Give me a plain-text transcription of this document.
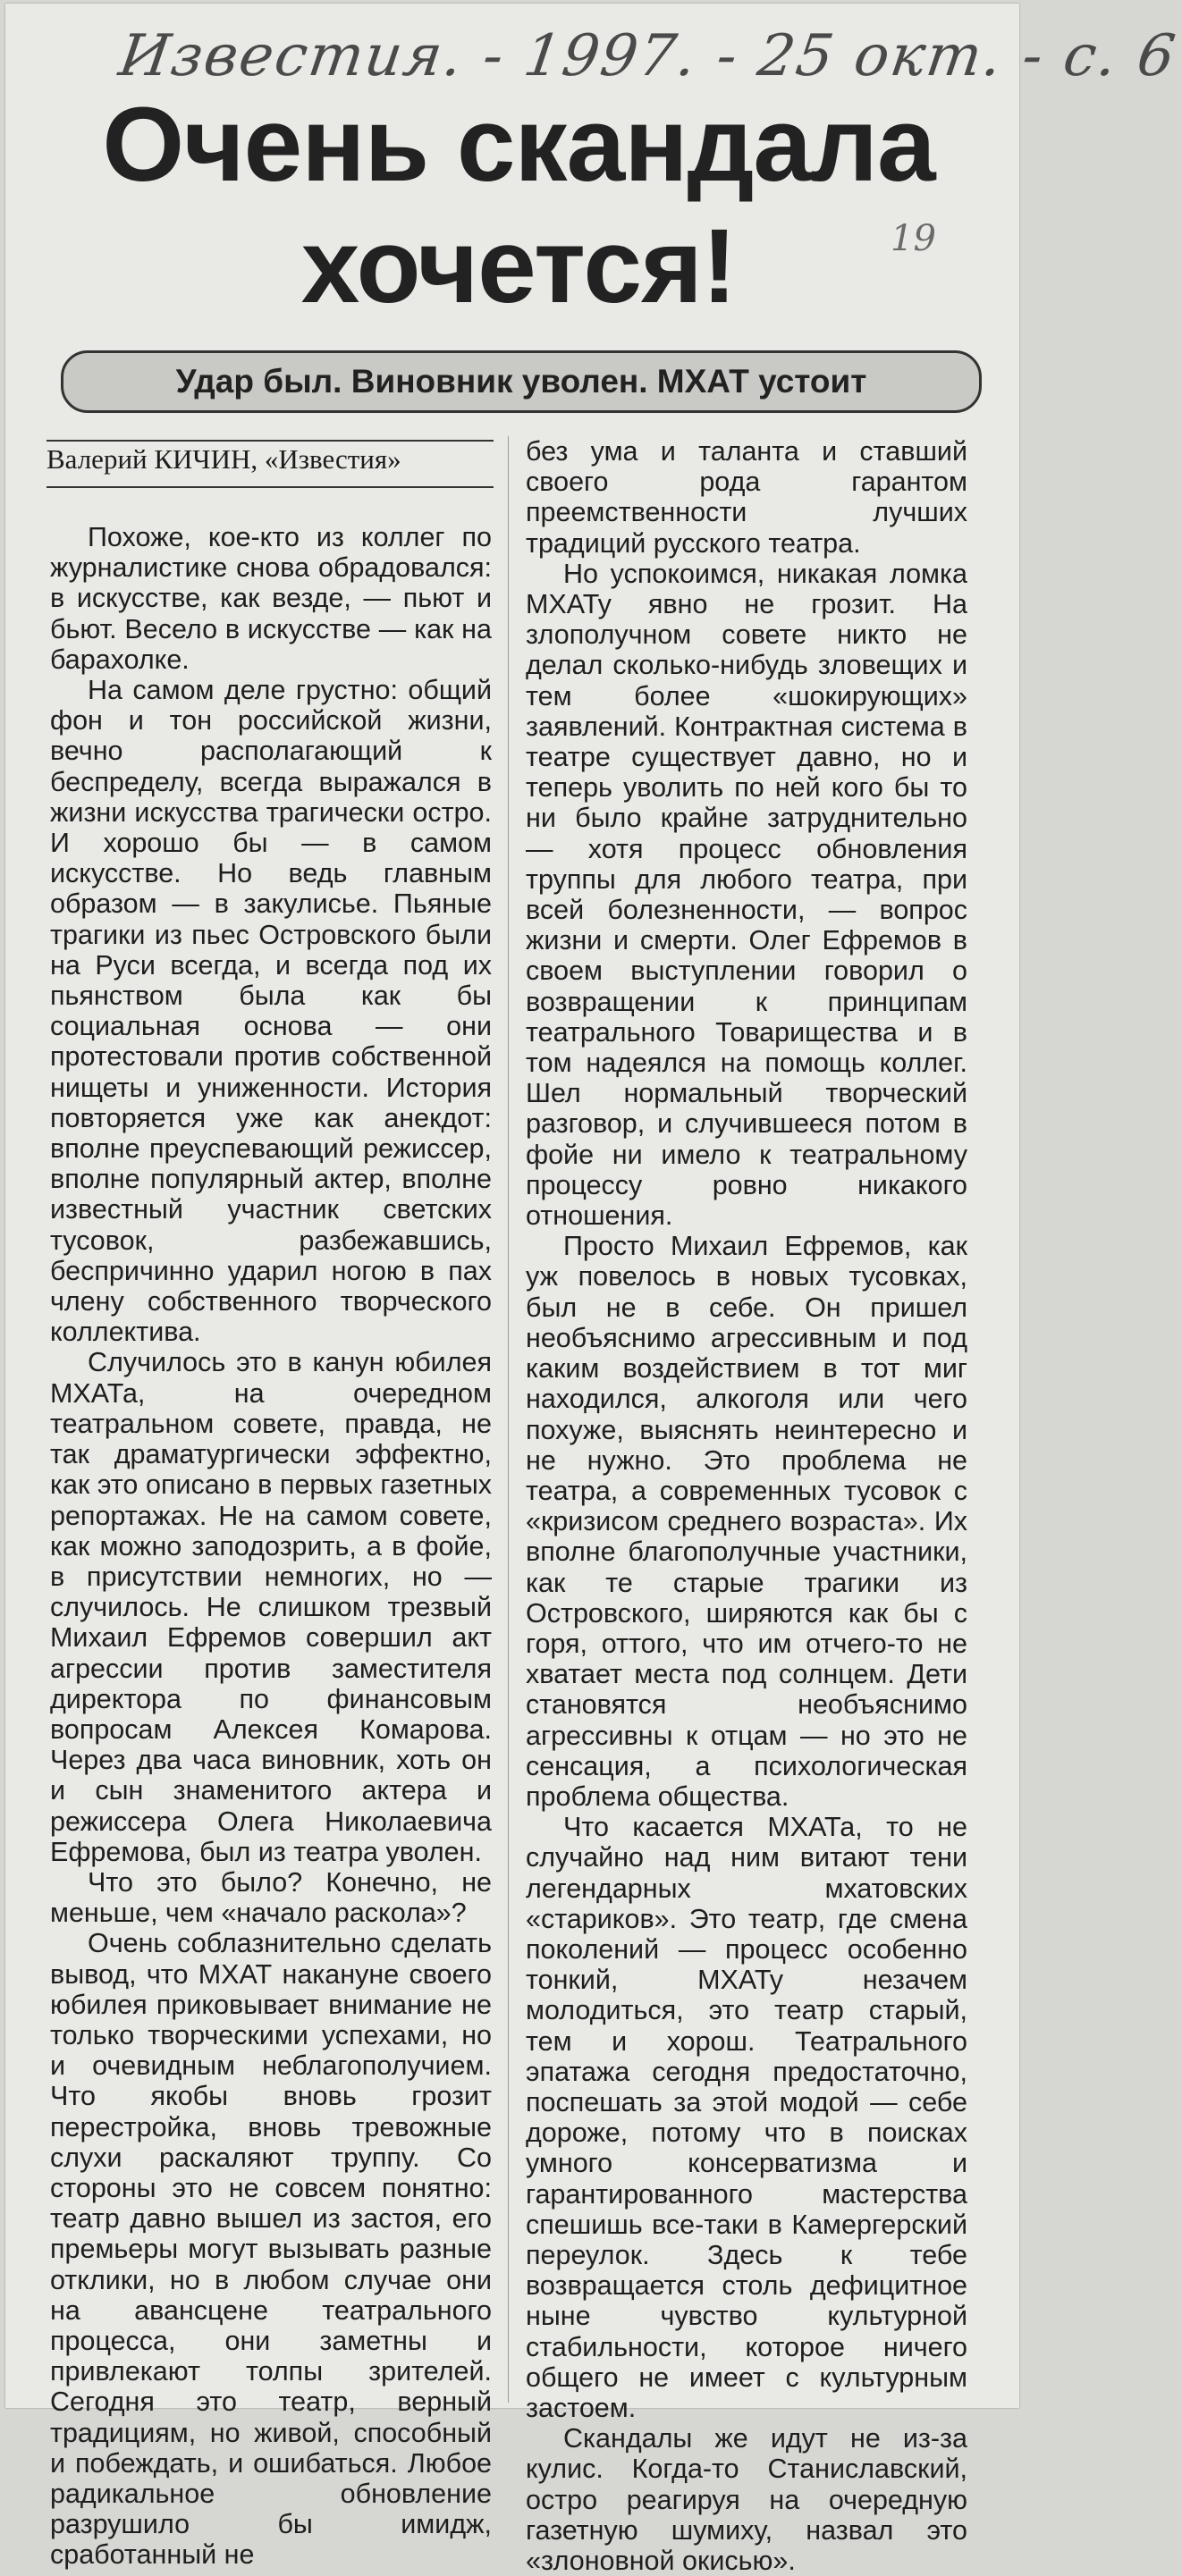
Известия. - 1997. - 25 окт. - с. 6
19
Очень скандала
хочется!
Удар был. Виновник уволен. МХАТ устоит
Валерий КИЧИН, «Известия»

Похоже, кое-кто из коллег по журналистике снова обрадовался: в искусстве, как везде, — пьют и бьют. Весело в искусстве — как на барахолке.

На самом деле грустно: общий фон и тон российской жизни, вечно располагающий к беспределу, всегда выражался в жизни искусства трагически остро. И хорошо бы — в самом искусстве. Но ведь главным образом — в закулисье. Пьяные трагики из пьес Островского были на Руси всегда, и всегда под их пьянством была как бы социальная основа — они протестовали против собственной нищеты и униженности. История повторяется уже как анекдот: вполне преуспевающий режиссер, вполне популярный актер, вполне известный участник светских тусовок, разбежавшись, беспричинно ударил ногою в пах члену собственного творческого коллектива.

Случилось это в канун юбилея МХАТа, на очередном театральном совете, правда, не так драматургически эффектно, как это описано в первых газетных репортажах. Не на самом совете, как можно заподозрить, а в фойе, в присутствии немногих, но — случилось. Не слишком трезвый Михаил Ефремов совершил акт агрессии против заместителя директора по финансовым вопросам Алексея Комарова. Через два часа виновник, хоть он и сын знаменитого актера и режиссера Олега Николаевича Ефремова, был из театра уволен.

Что это было? Конечно, не меньше, чем «начало раскола»?

Очень соблазнительно сделать вывод, что МХАТ накануне своего юбилея приковывает внимание не только творческими успехами, но и очевидным неблагополучием. Что якобы вновь грозит перестройка, вновь тревожные слухи раскаляют труппу. Со стороны это не совсем понятно: театр давно вышел из застоя, его премьеры могут вызывать разные отклики, но в любом случае они на авансцене театрального процесса, они заметны и привлекают толпы зрителей. Сегодня это театр, верный традициям, но живой, способный и побеждать, и ошибаться. Любое радикальное обновление разрушило бы имидж, сработанный не

без ума и таланта и ставший своего рода гарантом преемственности лучших традиций русского театра.

Но успокоимся, никакая ломка МХАТу явно не грозит. На злополучном совете никто не делал сколько-нибудь зловещих и тем более «шокирующих» заявлений. Контрактная система в театре существует давно, но и теперь уволить по ней кого бы то ни было крайне затруднительно — хотя процесс обновления труппы для любого театра, при всей болезненности, — вопрос жизни и смерти. Олег Ефремов в своем выступлении говорил о возвращении к принципам театрального Товарищества и в том надеялся на помощь коллег. Шел нормальный творческий разговор, и случившееся потом в фойе ни имело к театральному процессу ровно никакого отношения.

Просто Михаил Ефремов, как уж повелось в новых тусовках, был не в себе. Он пришел необъяснимо агрессивным и под каким воздействием в тот миг находился, алкоголя или чего похуже, выяснять неинтересно и не нужно. Это проблема не театра, а современных тусовок с «кризисом среднего возраста». Их вполне благополучные участники, как те старые трагики из Островского, ширяются как бы с горя, оттого, что им отчего-то не хватает места под солнцем. Дети становятся необъяснимо агрессивны к отцам — но это не сенсация, а психологическая проблема общества.

Что касается МХАТа, то не случайно над ним витают тени легендарных мхатовских «стариков». Это театр, где смена поколений — процесс особенно тонкий, МХАТу незачем молодиться, это театр старый, тем и хорош. Театрального эпатажа сегодня предостаточно, поспешать за этой модой — себе дороже, потому что в поисках умного консерватизма и гарантированного мастерства спешишь все-таки в Камергерский переулок. Здесь к тебе возвращается столь дефицитное ныне чувство культурной стабильности, которое ничего общего не имеет с культурным застоем.

Скандалы же идут не из-за кулис. Когда-то Станиславский, остро реагируя на очередную газетную шумиху, назвал это «злоновной окисью».
